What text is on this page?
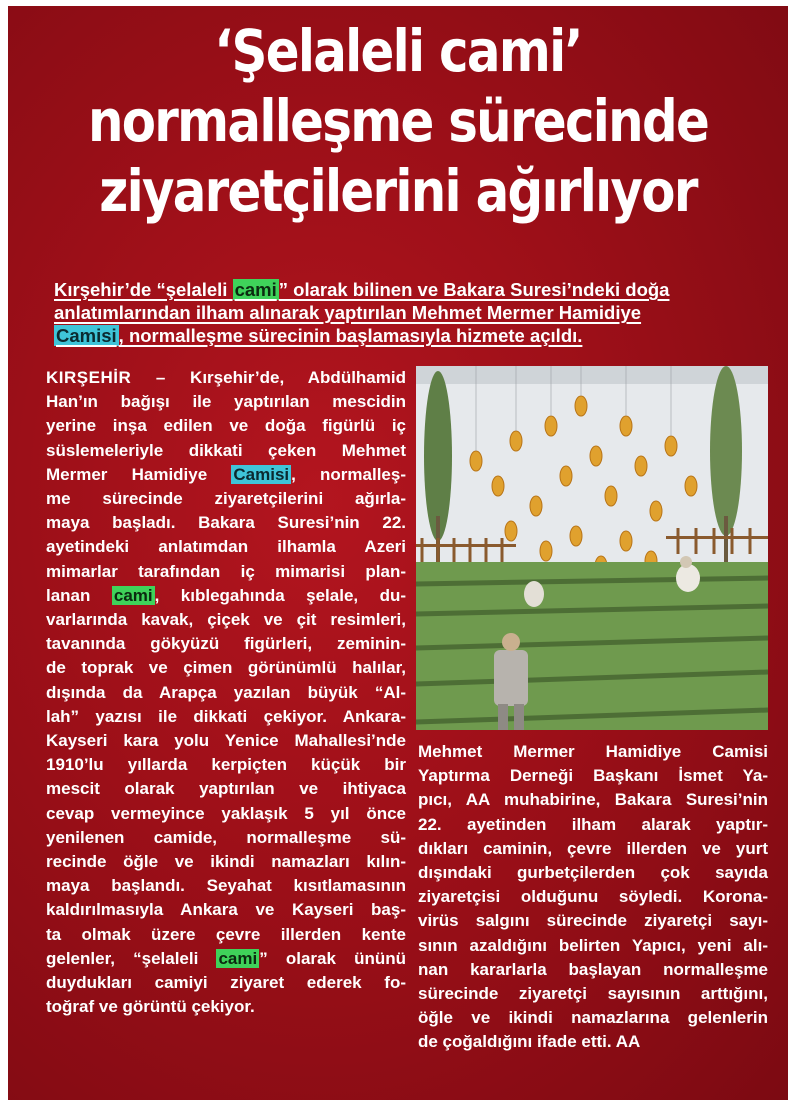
‘Şelaleli cami’
normalleşme sürecinde
ziyaretçilerini ağırlıyor

Kırşehir’de “şelaleli cami ” olarak bilinen ve Bakara Suresi’ndeki doğa
anlatımlarından ilham alınarak yaptırılan Mehmet Mermer Hamidiye
Camisi , normalleşme sürecinin başlamasıyla hizmete açıldı.

KIRŞEHİR – Kırşehir’de, Abdülhamid
Han’ın bağışı ile yaptırılan mescidin
yerine inşa edilen ve doğa figürlü iç
süslemeleriyle dikkati çeken Mehmet
Mermer Hamidiye Camisi , normalleş-
me sürecinde ziyaretçilerini ağırla-
maya başladı. Bakara Suresi’nin 22.
ayetindeki anlatımdan ilhamla Azeri
mimarlar tarafından iç mimarisi plan-
lanan cami , kıblegahında şelale, du-
varlarında kavak, çiçek ve çit resimleri,
tavanında gökyüzü figürleri, zeminin-
de toprak ve çimen görünümlü halılar,
dışında da Arapça yazılan büyük “Al-
lah” yazısı ile dikkati çekiyor. Ankara-
Kayseri kara yolu Yenice Mahallesi’nde
1910’lu yıllarda kerpiçten küçük bir
mescit olarak yaptırılan ve ihtiyaca
cevap vermeyince yaklaşık 5 yıl önce
yenilenen camide, normalleşme sü-
recinde öğle ve ikindi namazları kılın-
maya başlandı. Seyahat kısıtlamasının
kaldırılmasıyla Ankara ve Kayseri baş-
ta olmak üzere çevre illerden kente
gelenler, “şelaleli cami ” olarak ününü
duydukları camiyi ziyaret ederek fo-
toğraf ve görüntü çekiyor.
Mehmet Mermer Hamidiye Camisi
Yaptırma Derneği Başkanı İsmet Ya-
pıcı, AA muhabirine, Bakara Suresi’nin
22. ayetinden ilham alarak yaptır-
dıkları caminin, çevre illerden ve yurt
dışındaki gurbetçilerden çok sayıda
ziyaretçisi olduğunu söyledi. Korona-
virüs salgını sürecinde ziyaretçi sayı-
sının azaldığını belirten Yapıcı, yeni alı-
nan kararlarla başlayan normalleşme
sürecinde ziyaretçi sayısının arttığını,
öğle ve ikindi namazlarına gelenlerin
de çoğaldığını ifade etti. AA
